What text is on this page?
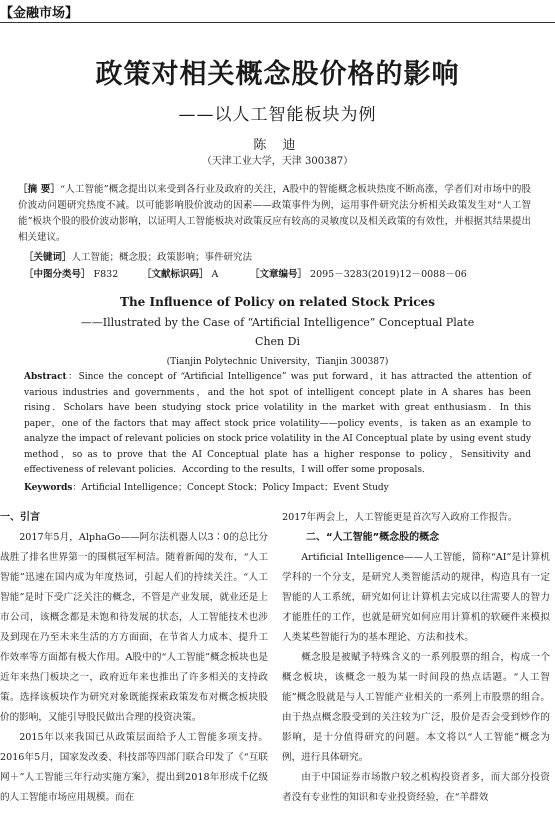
【金融市场】
政策对相关概念股价格的影响
——以人工智能板块为例
陈 迪
（天津工业大学，天津 300387）
［摘 要］“人工智能”概念提出以来受到各行业及政府的关注，A股中的智能概念板块热度不断高涨，学者们对市场中的股价波动问题研究热度不减。以可能影响股价波动的因素——政策事件为例，运用事件研究法分析相关政策发生对“人工智能”板块个股的股价波动影响，以证明人工智能板块对政策反应有较高的灵敏度以及相关政策的有效性，并根据其结果提出相关建议。
［关键词］人工智能；概念股；政策影响；事件研究法
［中图分类号］ F832 ［文献标识码］ A	［文章编号］ 2095－3283(2019)12－0088－06
The Influence of Policy on related Stock Prices
——Illustrated by the Case of “Artificial Intelligence” Conceptual Plate
Chen Di
(Tianjin Polytechnic University，Tianjin 300387)
Abstract：Since the concept of “Artificial Intelligence” was put forward，it has attracted the attention of various industries and governments，and the hot spot of intelligent concept plate in A shares has been rising．Scholars have been studying stock price volatility in the market with great enthusiasm．In this paper，one of the factors that may affect stock price volatility——policy events，is taken as an example to analyze the impact of relevant policies on stock price volatility in the AI Conceptual plate by using event study method，so as to prove that the AI Conceptual plate has a higher response to policy，Sensitivity and effectiveness of relevant policies．According to the results，I will offer some proposals．
Keywords：Artificial Intelligence；Concept Stock；Policy Impact；Event Study
一、引言

2017年5月，AlphaGo——阿尔法机器人以3∶0的总比分战胜了排名世界第一的围棋冠军柯洁。随着新闻的发布，“人工智能”迅速在国内成为年度热词，引起人们的持续关注。“人工智能”是时下受广泛关注的概念，不管是产业发展，就业还是上市公司，该概念都是未饱和待发展的状态，人工智能技术也涉及到现在乃至未来生活的方方面面，在节省人力成本、提升工作效率等方面都有极大作用。A股中的“人工智能”概念板块也是近年来热门板块之一，政府近年来也推出了许多相关的支持政策。选择该板块作为研究对象既能探索政策发布对概念板块股价的影响，又能引导股民做出合理的投资决策。

2015年以来我国已从政策层面给予人工智能多项支持。2016年5月，国家发改委、科技部等四部门联合印发了《“互联网＋”人工智能三年行动实施方案》，提出到2018年形成千亿级的人工智能市场应用规模。而在

2017年两会上，人工智能更是首次写入政府工作报告。

二、“人工智能”概念股的概念

Artificial Intelligence——人工智能，简称“AI”是计算机学科的一个分支，是研究人类智能活动的规律，构造具有一定智能的人工系统，研究如何让计算机去完成以往需要人的智力才能胜任的工作，也就是研究如何应用计算机的软硬件来模拟人类某些智能行为的基本理论、方法和技术。

概念股是被赋予特殊含义的一系列股票的组合，构成一个概念板块，该概念一般为某一时间段的热点话题。“人工智能”概念股就是与人工智能产业相关的一系列上市股票的组合。由于热点概念股受到的关注较为广泛，股价是否会受到炒作的影响，是十分值得研究的问题。本文将以“人工智能”概念为例，进行具体研究。

由于中国证券市场散户较之机构投资者多，而大部分投资者没有专业性的知识和专业投资经验，在“羊群效
